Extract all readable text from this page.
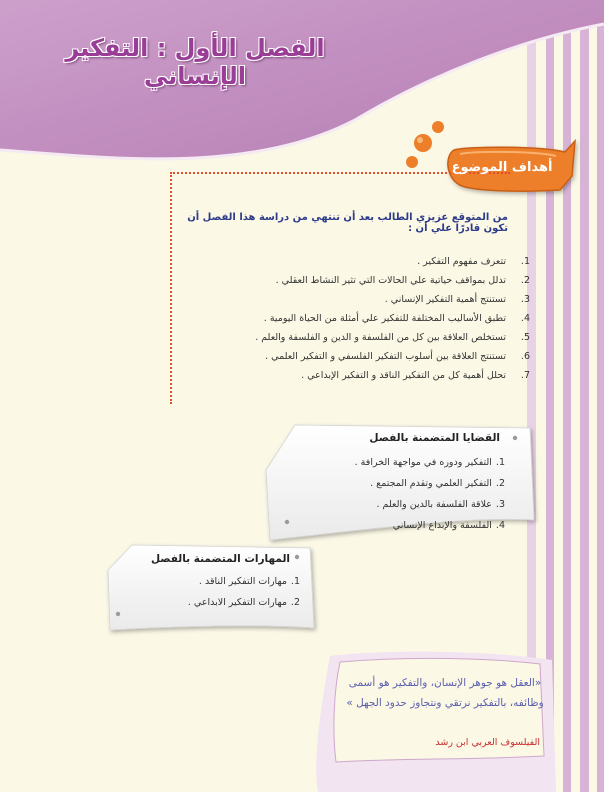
الفصل الأول : التفكير الإنساني
أهداف الموضوع
من المتوقع عزيزي الطالب بعد أن تنتهي من دراسة هذا الفصل أن تكون قادرًا علي أن :
1.
تتعرف مفهوم التفكير .
2.
تدلل بمواقف حياتية علي الحالات التي تثير النشاط العقلي .
3.
تستنتج أهمية التفكير الإنساني .
4.
تطبق الأساليب المختلفة للتفكير علي أمثلة من الحياة اليومية .
5.
تستخلص العلاقة بين كل من الفلسفة و الدين و الفلسفة والعلم .
6.
تستنتج العلاقة بين أسلوب التفكير الفلسفي و التفكير العلمي .
7.
تحلل أهمية كل من التفكير الناقد و التفكير الإبداعي .
القضايا المتضمنة بالفصل
1.
التفكير ودوره في مواجهة الخرافة .
2.
التفكير العلمي وتقدم المجتمع .
3.
علاقة الفلسفة بالدين والعلم .
4.
الفلسفة والإبداع الإنساني
المهارات المتضمنة بالفصل
1.
مهارات التفكير الناقد .
2.
مهارات التفكير الابداعي .
«العقل هو جوهر الإنسان، والتفكير هو أسمى وظائفه، بالتفكير نرتقي ونتجاوز حدود الجهل »
الفيلسوف العربي ابن رشد
